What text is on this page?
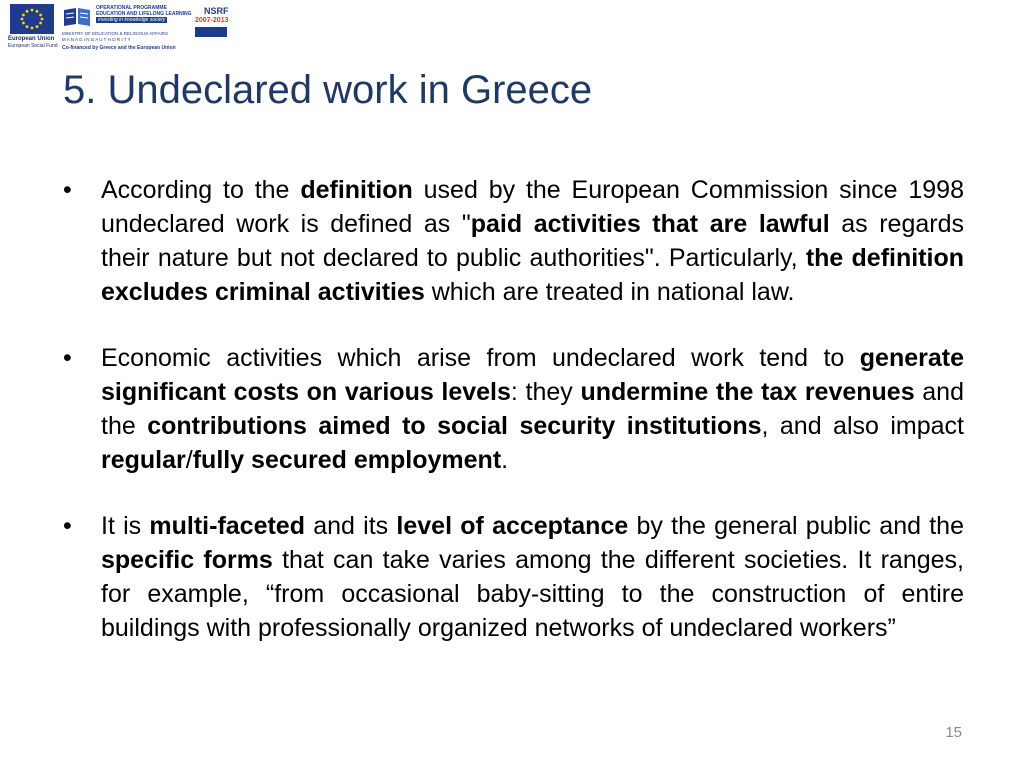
European Union
European Social Fund
OPERATIONAL PROGRAMME
EDUCATION AND LIFELONG LEARNING
investing in knowledge society
MINISTRY OF EDUCATION & RELIGIOUS AFFAIRS
M A N A G I N G A U T H O R I T Y
Co-financed by Greece and the European Union
NSRF
2007-2013
5. Undeclared work in Greece
•	According to the definition used by the European Commission since 1998 undeclared work is defined as "paid activities that are lawful as regards their nature but not declared to public authorities". Particularly, the definition excludes criminal activities which are treated in national law.
•	Economic activities which arise from undeclared work tend to generate significant costs on various levels: they undermine the tax revenues and the contributions aimed to social security institutions, and also impact regular/fully secured employment.
•	It is multi-faceted and its level of acceptance by the general public and the specific forms that can take varies among the different societies. It ranges, for example, “from occasional baby-sitting to the construction of entire buildings with professionally organized networks of undeclared workers”
15
